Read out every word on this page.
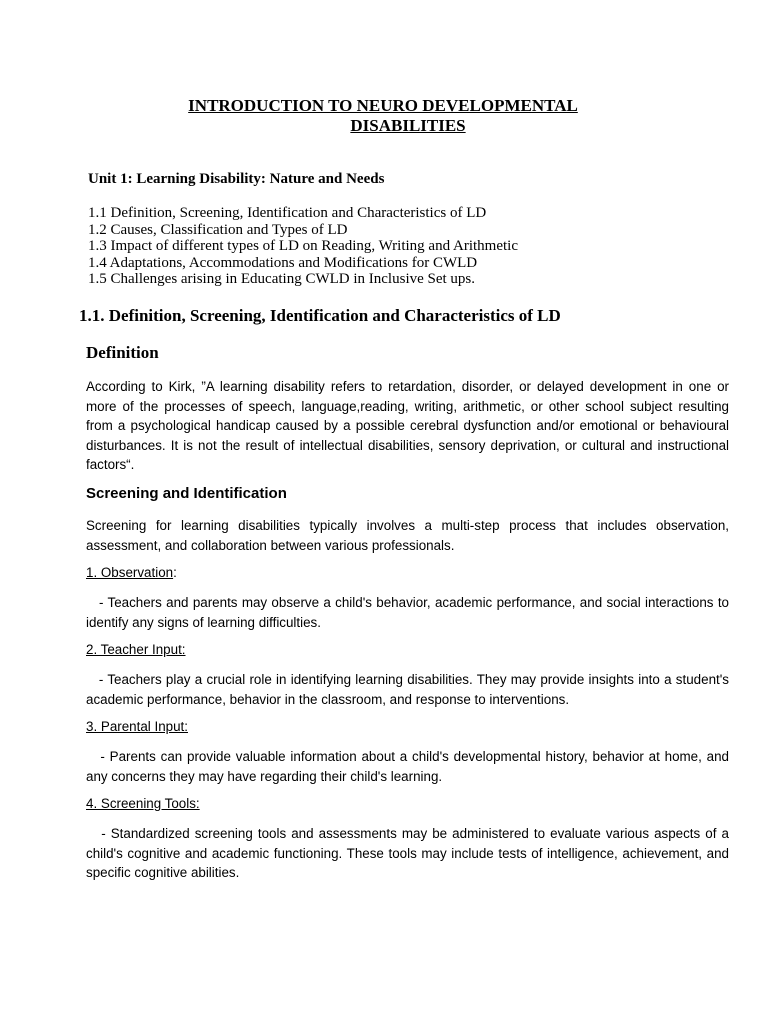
INTRODUCTION TO NEURO DEVELOPMENTAL
DISABILITIES
Unit 1: Learning Disability: Nature and Needs
1.1 Definition, Screening, Identification and Characteristics of LD
1.2 Causes, Classification and Types of LD
1.3 Impact of different types of LD on Reading, Writing and Arithmetic
1.4 Adaptations, Accommodations and Modifications for CWLD
1.5 Challenges arising in Educating CWLD in Inclusive Set ups.
1.1. Definition, Screening, Identification and Characteristics of LD
Definition
According to Kirk, ”A learning disability refers to retardation, disorder, or delayed development in one or more of the processes of speech, language,reading, writing, arithmetic, or other school subject resulting from a psychological handicap caused by a possible cerebral dysfunction and/or emotional or behavioural disturbances. It is not the result of intellectual disabilities, sensory deprivation, or cultural and instructional factors“.
Screening and Identification
Screening for learning disabilities typically involves a multi-step process that includes observation, assessment, and collaboration between various professionals.
1. Observation:
- Teachers and parents may observe a child's behavior, academic performance, and social interactions to identify any signs of learning difficulties.
2. Teacher Input:
- Teachers play a crucial role in identifying learning disabilities. They may provide insights into a student's academic performance, behavior in the classroom, and response to interventions.
3. Parental Input:
- Parents can provide valuable information about a child's developmental history, behavior at home, and any concerns they may have regarding their child's learning.
4. Screening Tools:
- Standardized screening tools and assessments may be administered to evaluate various aspects of a child's cognitive and academic functioning. These tools may include tests of intelligence, achievement, and specific cognitive abilities.
